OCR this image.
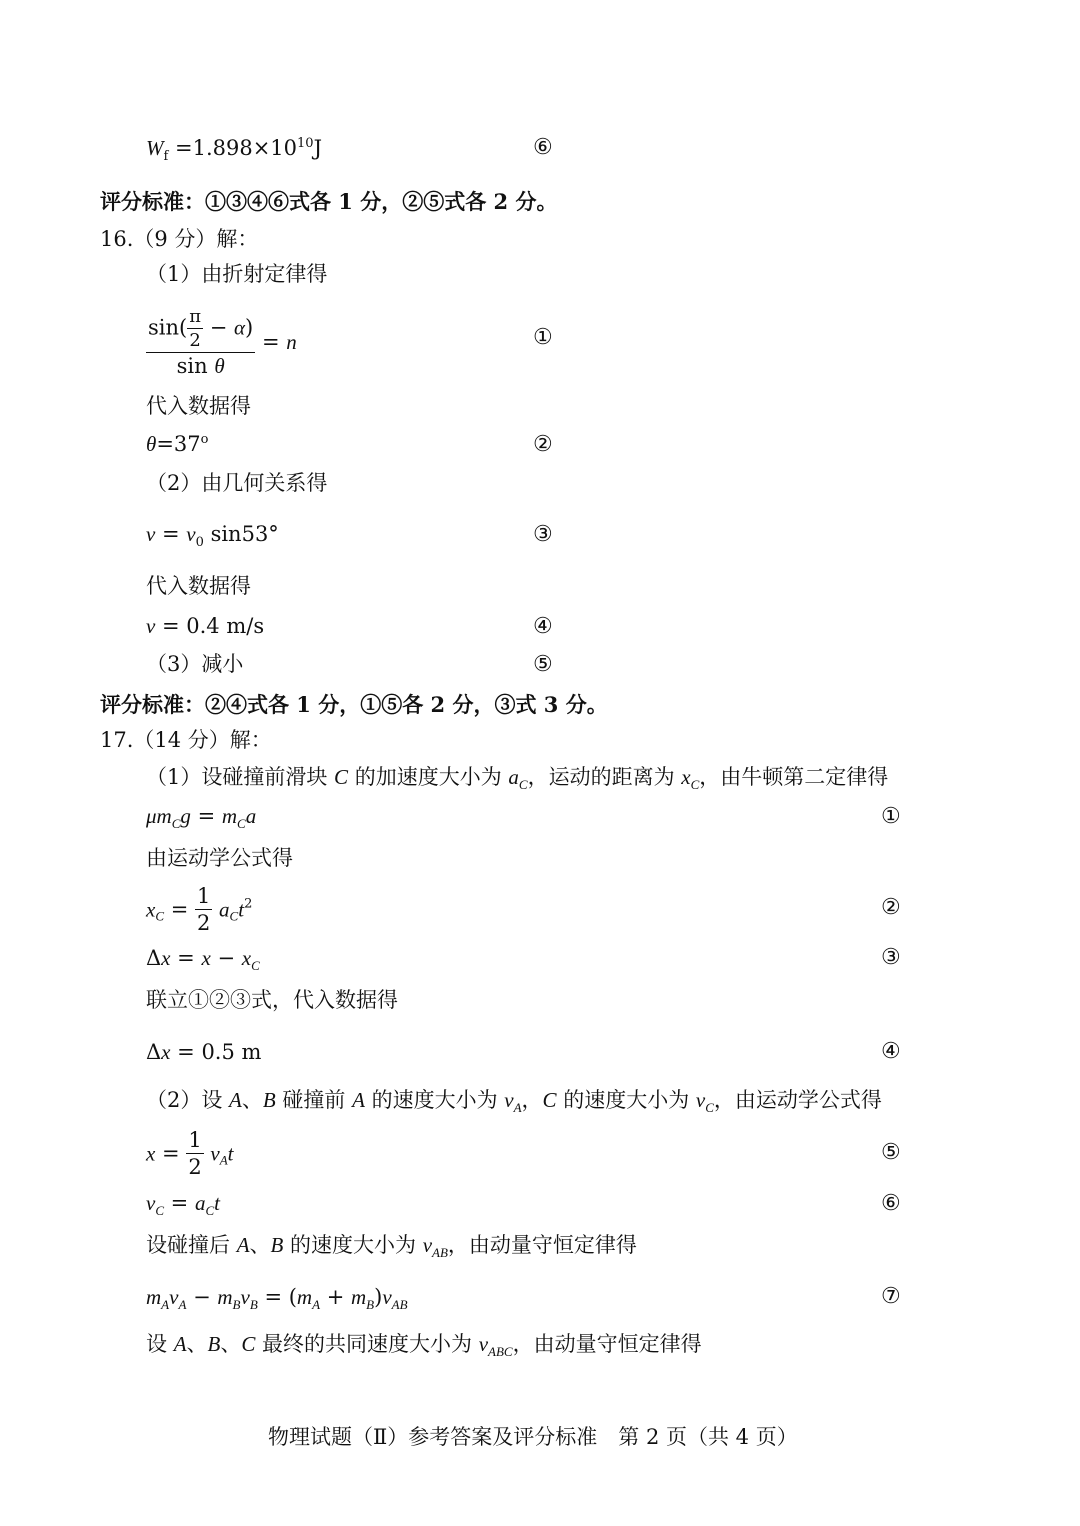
$W_f =1.898\times 10^{10}J$	⑥
评分标准：①③④⑥式各 1 分，②⑤式各 2 分。
16.（9 分）解：
（1）由折射定律得
$\frac{\sin( \frac{\pi}{2} - \alpha)}{\text{sin θ}} = n$	①
代入数据得
$\theta=37^o$	②
（2）由几何关系得
$v = v_0$ sin53°	③
代入数据得
v = 0.4 m/s	④
（3）减小	⑤
评分标准：②④式各 1 分，①⑤各 2 分，③式 3 分。
17.（14 分）解：
（1）设碰撞前滑块 C 的加速度大小为 $a_C$，运动的距离为 $x_C$，由牛顿第二定律得
$\mu m_Cg = m_Ca$	①
由运动学公式得
$x_C = \frac{1}{2} a_Ct^2$	②
$\Delta x = x - x_C$	③
联立①②③式，代入数据得
Δx = 0.5 m	④
（2）设 A、B 碰撞前 A 的速度大小为 $v_A$，C 的速度大小为 $v_C$，由运动学公式得
$x = \frac{1}{2} v_At$	⑤
$v_C = a_Ct$	⑥
设碰撞后 A、B 的速度大小为 $v_{AB}$，由动量守恒定律得
$m_Av_A - m_Bv_B = (m_A + m_B)v_{AB}$	⑦
设 A、B、C 最终的共同速度大小为 $v_{ABC}$，由动量守恒定律得
物理试题（Ⅱ）参考答案及评分标准　第 2 页（共 4 页）
